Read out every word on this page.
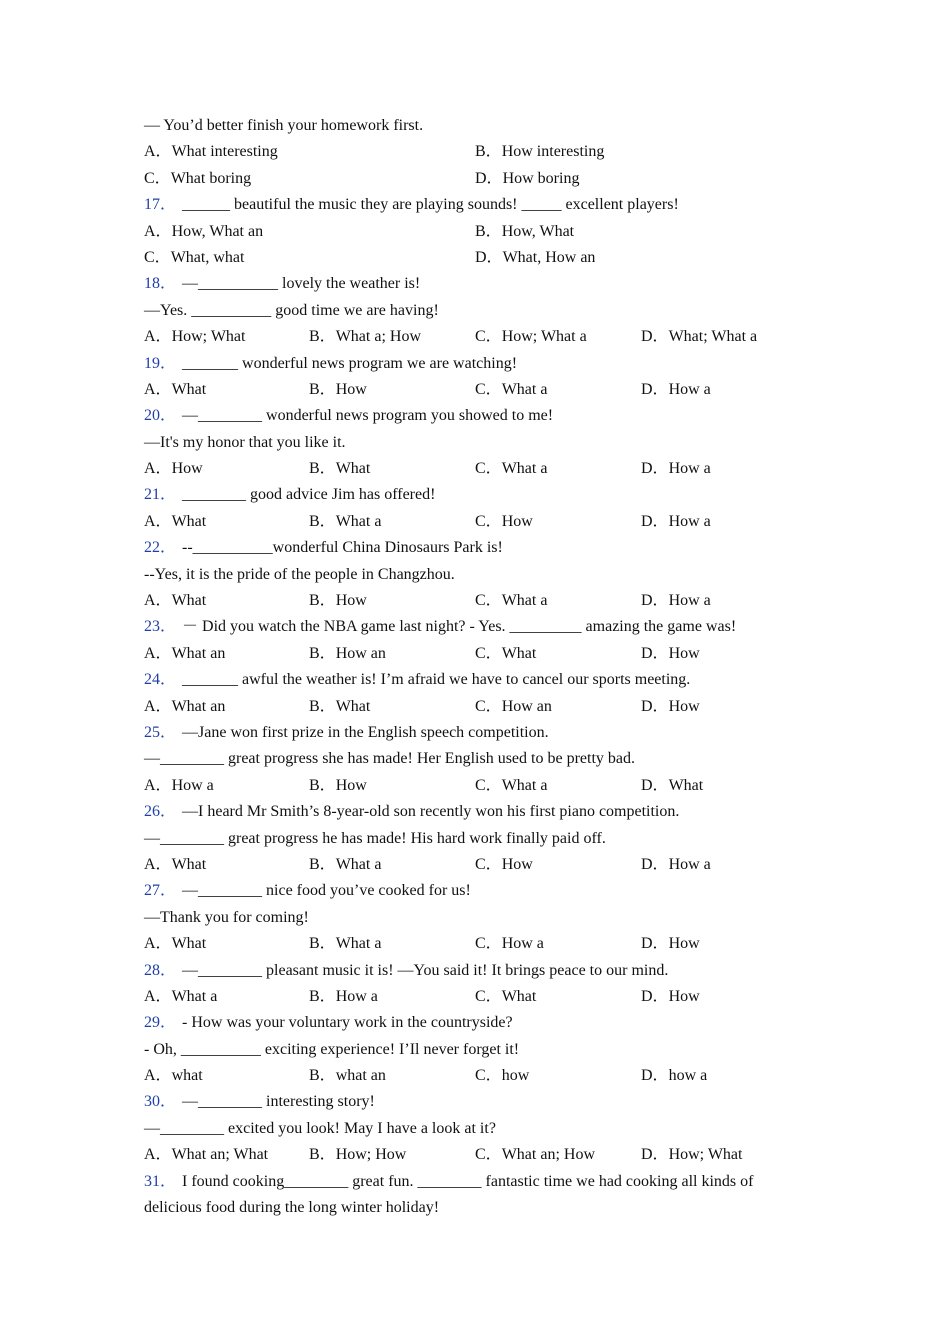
— You’d better finish your homework first.
A．What interesting	B．How interesting
C．What boring	D．How boring
17． ______ beautiful the music they are playing sounds! _____ excellent players!
A．How, What an	B．How, What
C．What, what	D．What, How an
18． —__________ lovely the weather is!
—Yes. __________ good time we are having!
A．How; What	B．What a; How	C．How; What a	D．What; What a
19． _______ wonderful news program we are watching!
A．What	B．How	C．What a	D．How a
20． —________ wonderful news program you showed to me!
—It's my honor that you like it.
A．How	B．What	C．What a	D．How a
21． ________ good advice Jim has offered!
A．What	B．What a	C．How	D．How a
22． --__________wonderful China Dinosaurs Park is!
--Yes, it is the pride of the people in Changzhou.
A．What	B．How	C．What a	D．How a
23． － Did you watch the NBA game last night? - Yes. _________ amazing the game was!
A．What an	B．How an	C．What	D．How
24． _______ awful the weather is! I’m afraid we have to cancel our sports meeting.
A．What an	B．What	C．How an	D．How
25． —Jane won first prize in the English speech competition.
—________ great progress she has made! Her English used to be pretty bad.
A．How a	B．How	C．What a	D．What
26． —I heard Mr Smith’s 8-year-old son recently won his first piano competition.
—________ great progress he has made! His hard work finally paid off.
A．What	B．What a	C．How	D．How a
27． —________ nice food you’ve cooked for us!
—Thank you for coming!
A．What	B．What a	C．How a	D．How
28． —________ pleasant music it is! —You said it! It brings peace to our mind.
A．What a	B．How a	C．What	D．How
29． - How was your voluntary work in the countryside?
- Oh, __________ exciting experience! I’Il never forget it!
A．what	B．what an	C．how	D．how a
30． —________ interesting story!
—________ excited you look! May I have a look at it?
A．What an; What	B．How; How	C．What an; How	D．How; What
31． I found cooking________ great fun. ________ fantastic time we had cooking all kinds of delicious food during the long winter holiday!
